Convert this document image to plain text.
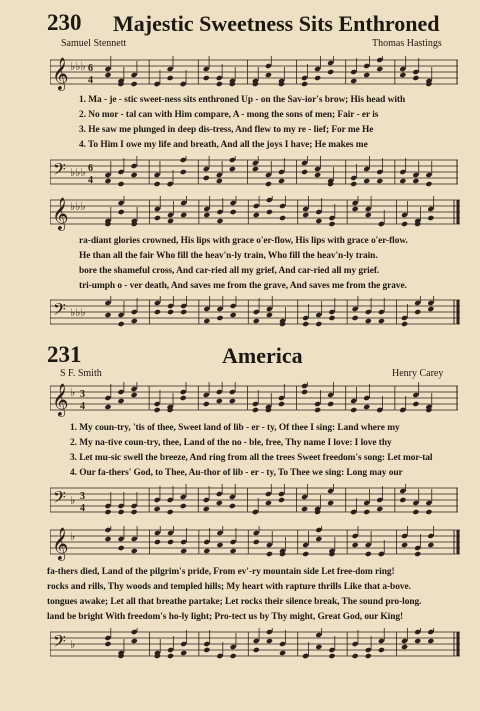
230 Majestic Sweetness Sits Enthroned
Samuel Stennett	Thomas Hastings
𝄞 ♭♭♭ 6
4
1. Ma - je - stic sweet-ness sits enthroned Up - on the Sav-ior's brow; His head with
2. No mor - tal can with Him compare, A - mong the sons of men; Fair - er is
3. He saw me plunged in deep dis-tress, And flew to my re - lief; For me He
4. To Him I owe my life and breath, And all the joys I have; He makes me
𝄢 ♭♭♭ 6
4
𝄞 ♭♭♭
ra-diant glories crowned, His lips with grace o'er-flow, His lips with grace o'er-flow.
He than all the fair Who fill the heav'n-ly train, Who fill the heav'n-ly train.
bore the shameful cross, And car-ried all my grief, And car-ried all my grief.
tri-umph o - ver death, And saves me from the grave, And saves me from the grave.
𝄢 ♭♭♭
231	America
S F. Smith	Henry Carey
𝄞 ♭ 3
4
1. My coun-try, 'tis of thee, Sweet land of lib - er - ty, Of thee I sing: Land where my
2. My na-tive coun-try, thee, Land of the no - ble, free, Thy name I love: I love thy
3. Let mu-sic swell the breeze, And ring from all the trees Sweet freedom's song: Let mor-tal
4. Our fa-thers' God, to Thee, Au-thor of lib - er - ty, To Thee we sing: Long may our
𝄢 ♭ 3
4
𝄞 ♭
fa-thers died, Land of the pilgrim's pride, From ev'-ry mountain side Let free-dom ring!
rocks and rills, Thy woods and templed hills; My heart with rapture thrills Like that a-bove.
tongues awake; Let all that breathe partake; Let rocks their silence break, The sound pro-long.
land be bright With freedom's ho-ly light; Pro-tect us by Thy might, Great God, our King!
𝄢 ♭
